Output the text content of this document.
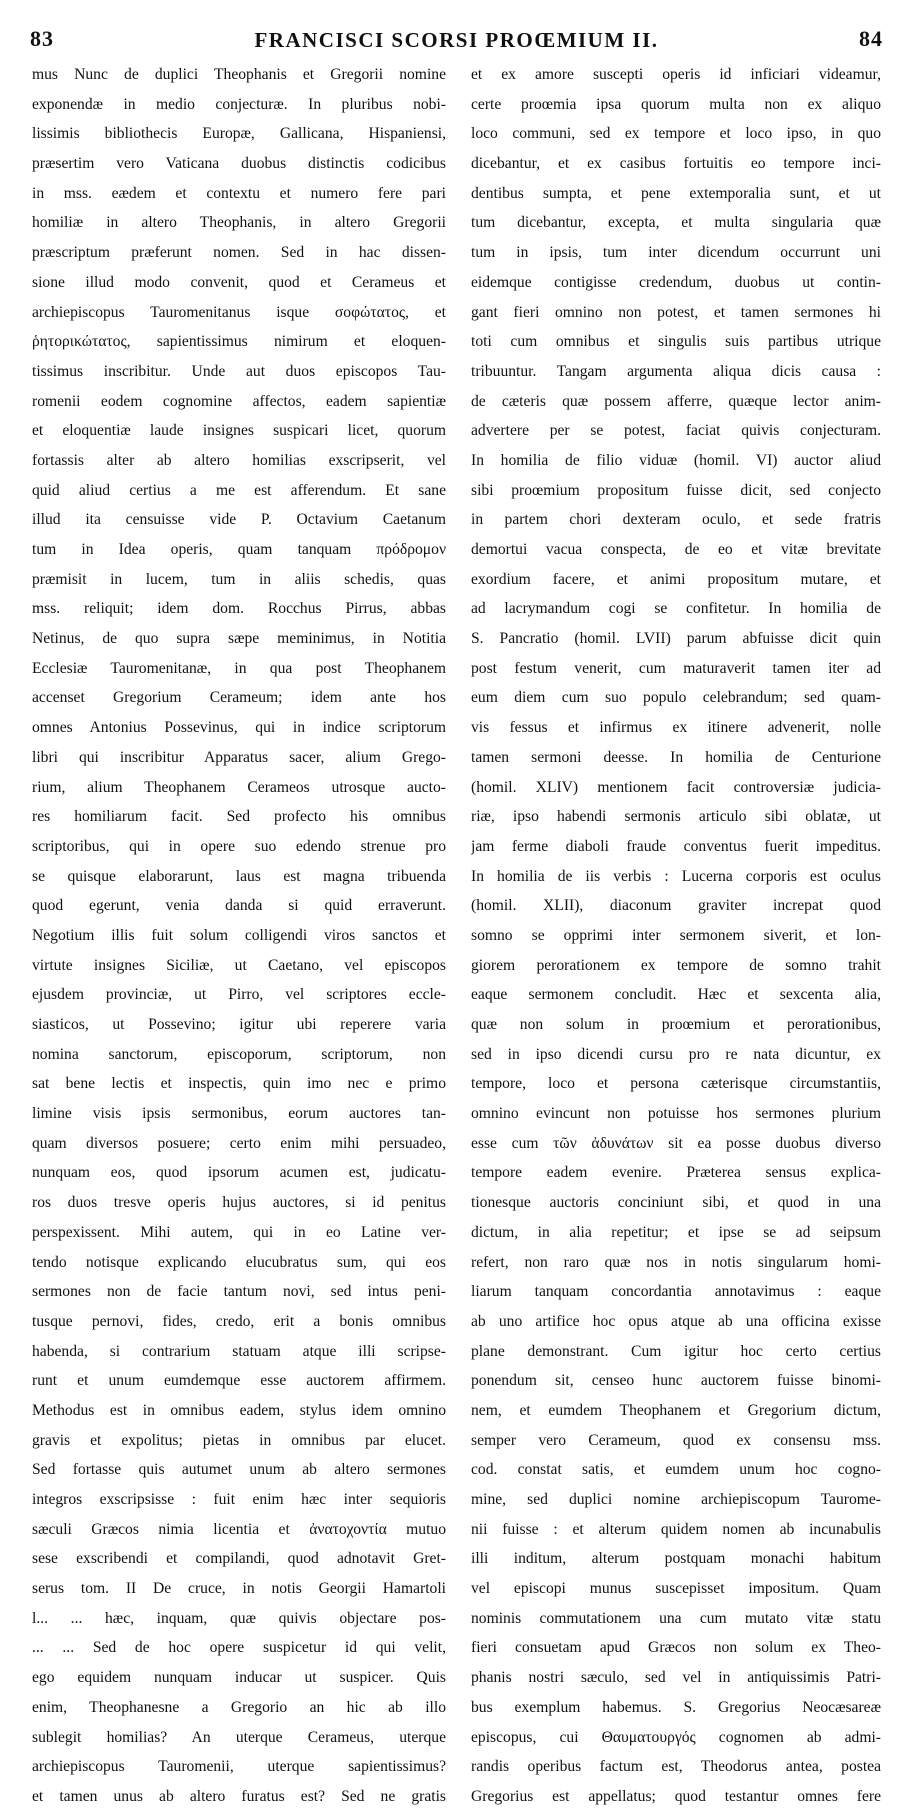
83	FRANCISCI SCORSI PROŒMIUM II.	84
mus Nunc de duplici Theophanis et Gregorii nomine
exponendæ in medio conjecturæ. In pluribus nobi-
lissimis bibliothecis Europæ, Gallicana, Hispaniensi,
præsertim vero Vaticana duobus distinctis codicibus
in mss. eædem et contextu et numero fere pari
homiliæ in altero Theophanis, in altero Gregorii
præscriptum præferunt nomen. Sed in hac dissen-
sione illud modo convenit, quod et Cerameus et
archiepiscopus Tauromenitanus isque σοφώτατος, et
ῥητορικώτατος, sapientissimus nimirum et eloquen-
tissimus inscribitur. Unde aut duos episcopos Tau-
romenii eodem cognomine affectos, eadem sapientiæ
et eloquentiæ laude insignes suspicari licet, quorum
fortassis alter ab altero homilias exscripserit, vel
quid aliud certius a me est afferendum. Et sane
illud ita censuisse vide P. Octavium Caetanum
tum in Idea operis, quam tanquam πρόδρομον
præmisit in lucem, tum in aliis schedis, quas
mss. reliquit; idem dom. Rocchus Pirrus, abbas
Netinus, de quo supra sæpe meminimus, in Notitia
Ecclesiæ Tauromenitanæ, in qua post Theophanem
accenset Gregorium Cerameum; idem ante hos
omnes Antonius Possevinus, qui in indice scriptorum
libri qui inscribitur Apparatus sacer, alium Grego-
rium, alium Theophanem Cerameos utrosque aucto-
res homiliarum facit. Sed profecto his omnibus
scriptoribus, qui in opere suo edendo strenue pro
se quisque elaborarunt, laus est magna tribuenda
quod egerunt, venia danda si quid erraverunt.
Negotium illis fuit solum colligendi viros sanctos et
virtute insignes Siciliæ, ut Caetano, vel episcopos
ejusdem provinciæ, ut Pirro, vel scriptores eccle-
siasticos, ut Possevino; igitur ubi reperere varia
nomina sanctorum, episcoporum, scriptorum, non
sat bene lectis et inspectis, quin imo nec e primo
limine visis ipsis sermonibus, eorum auctores tan-
quam diversos posuere; certo enim mihi persuadeo,
nunquam eos, quod ipsorum acumen est, judicatu-
ros duos tresve operis hujus auctores, si id penitus
perspexissent. Mihi autem, qui in eo Latine ver-
tendo notisque explicando elucubratus sum, qui eos
sermones non de facie tantum novi, sed intus peni-
tusque pernovi, fides, credo, erit a bonis omnibus
habenda, si contrarium statuam atque illi scripse-
runt et unum eumdemque esse auctorem affirmem.
Methodus est in omnibus eadem, stylus idem omnino
gravis et expolitus; pietas in omnibus par elucet.
Sed fortasse quis autumet unum ab altero sermones
integros exscripsisse : fuit enim hæc inter sequioris
sæculi Græcos nimia licentia et ἀνατοχοντία mutuo
sese exscribendi et compilandi, quod adnotavit Gret-
serus tom. II De cruce, in notis Georgii Hamartoli
l... ... hæc, inquam, quæ quivis objectare pos-
... ... Sed de hoc opere suspicetur id qui velit,
ego equidem nunquam inducar ut suspicer. Quis
enim, Theophanesne a Gregorio an hic ab illo
sublegit homilias? An uterque Cerameus, uterque
archiepiscopus Tauromenii, uterque sapientissimus?
et tamen unus ab altero furatus est? Sed ne gratis
et ex amore suscepti operis id inficiari videamur,
certe proœmia ipsa quorum multa non ex aliquo
loco communi, sed ex tempore et loco ipso, in quo
dicebantur, et ex casibus fortuitis eo tempore inci-
dentibus sumpta, et pene extemporalia sunt, et ut
tum dicebantur, excepta, et multa singularia quæ
tum in ipsis, tum inter dicendum occurrunt uni
eidemque contigisse credendum, duobus ut contin-
gant fieri omnino non potest, et tamen sermones hi
toti cum omnibus et singulis suis partibus utrique
tribuuntur. Tangam argumenta aliqua dicis causa :
de cæteris quæ possem afferre, quæque lector anim-
advertere per se potest, faciat quivis conjecturam.
In homilia de filio viduæ (homil. VI) auctor aliud
sibi proœmium propositum fuisse dicit, sed conjecto
in partem chori dexteram oculo, et sede fratris
demortui vacua conspecta, de eo et vitæ brevitate
exordium facere, et animi propositum mutare, et
ad lacrymandum cogi se confitetur. In homilia de
S. Pancratio (homil. LVII) parum abfuisse dicit quin
post festum venerit, cum maturaverit tamen iter ad
eum diem cum suo populo celebrandum; sed quam-
vis fessus et infirmus ex itinere advenerit, nolle
tamen sermoni deesse. In homilia de Centurione
(homil. XLIV) mentionem facit controversiæ judicia-
riæ, ipso habendi sermonis articulo sibi oblatæ, ut
jam ferme diaboli fraude conventus fuerit impeditus.
In homilia de iis verbis : Lucerna corporis est oculus
(homil. XLII), diaconum graviter increpat quod
somno se opprimi inter sermonem siverit, et lon-
giorem perorationem ex tempore de somno trahit
eaque sermonem concludit. Hæc et sexcenta alia,
quæ non solum in proœmium et perorationibus,
sed in ipso dicendi cursu pro re nata dicuntur, ex
tempore, loco et persona cæterisque circumstantiis,
omnino evincunt non potuisse hos sermones plurium
esse cum τῶν ἀδυνάτων sit ea posse duobus diverso
tempore eadem evenire. Præterea sensus explica-
tionesque auctoris conciniunt sibi, et quod in una
dictum, in alia repetitur; et ipse se ad seipsum
refert, non raro quæ nos in notis singularum homi-
liarum tanquam concordantia annotavimus : eaque
ab uno artifice hoc opus atque ab una officina exisse
plane demonstrant. Cum igitur hoc certo certius
ponendum sit, censeo hunc auctorem fuisse binomi-
nem, et eumdem Theophanem et Gregorium dictum,
semper vero Cerameum, quod ex consensu mss.
cod. constat satis, et eumdem unum hoc cogno-
mine, sed duplici nomine archiepiscopum Taurome-
nii fuisse : et alterum quidem nomen ab incunabulis
illi inditum, alterum postquam monachi habitum
vel episcopi munus suscepisset impositum. Quam
nominis commutationem una cum mutato vitæ statu
fieri consuetam apud Græcos non solum ex Theo-
phanis nostri sæculo, sed vel in antiquissimis Patri-
bus exemplum habemus. S. Gregorius Neocæsareæ
episcopus, cui Θαυματουργός cognomen ab admi-
randis operibus factum est, Theodorus antea, postea
Gregorius est appellatus; quod testantur omnes fere
